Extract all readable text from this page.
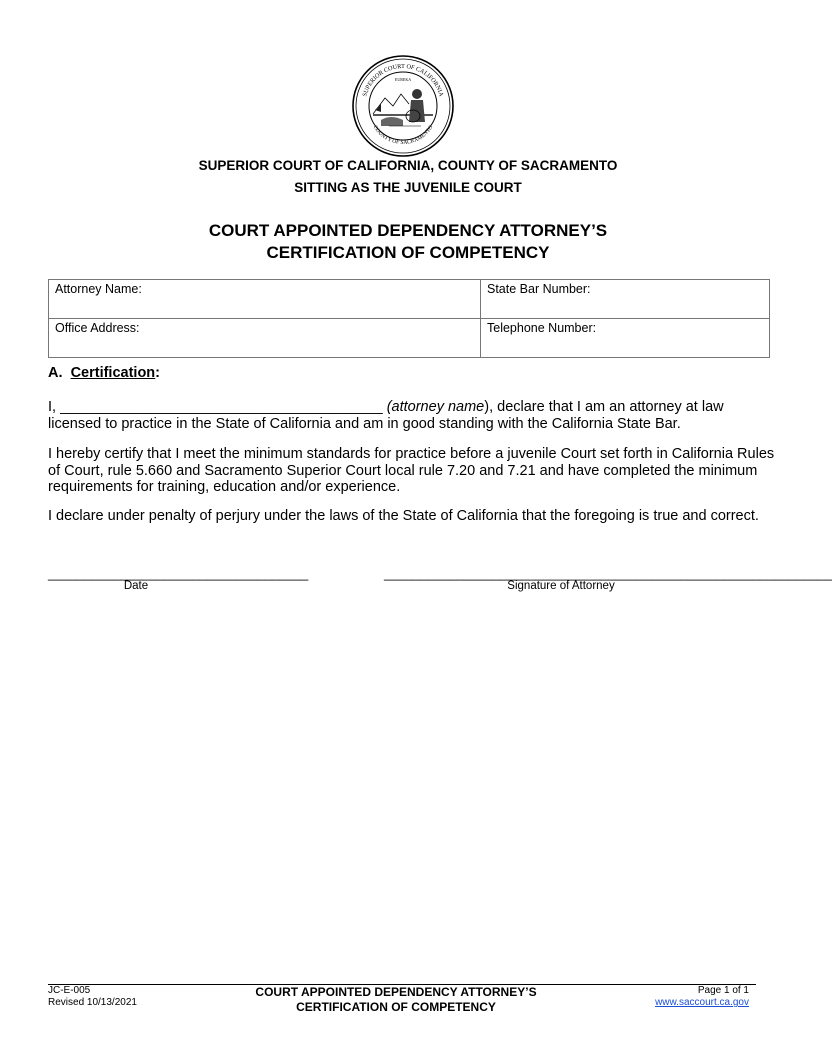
SUPERIOR COURT OF CALIFORNIA
COUNTY OF SACRAMENTO
EUREKA
SUPERIOR COURT OF CALIFORNIA, COUNTY OF SACRAMENTO
SITTING AS THE JUVENILE COURT
COURT APPOINTED DEPENDENCY ATTORNEY’S
CERTIFICATION OF COMPETENCY
Attorney Name:	State Bar Number:

Office Address:	Telephone Number:
A. Certification:
I, ________________________________________ (attorney name), declare that I am an attorney at law licensed to practice in the State of California and am in good standing with the California State Bar.
I hereby certify that I meet the minimum standards for practice before a juvenile Court set forth in California Rules of Court, rule 5.660 and Sacramento Superior Court local rule 7.20 and 7.21 and have completed the minimum requirements for training, education and/or experience.
I declare under penalty of perjury under the laws of the State of California that the foregoing is true and correct.
____________________________________
Date
______________________________________________________________
Signature of Attorney
JC-E-005
Revised 10/13/2021
COURT APPOINTED DEPENDENCY ATTORNEY’S
CERTIFICATION OF COMPETENCY
Page 1 of 1
www.saccourt.ca.gov
